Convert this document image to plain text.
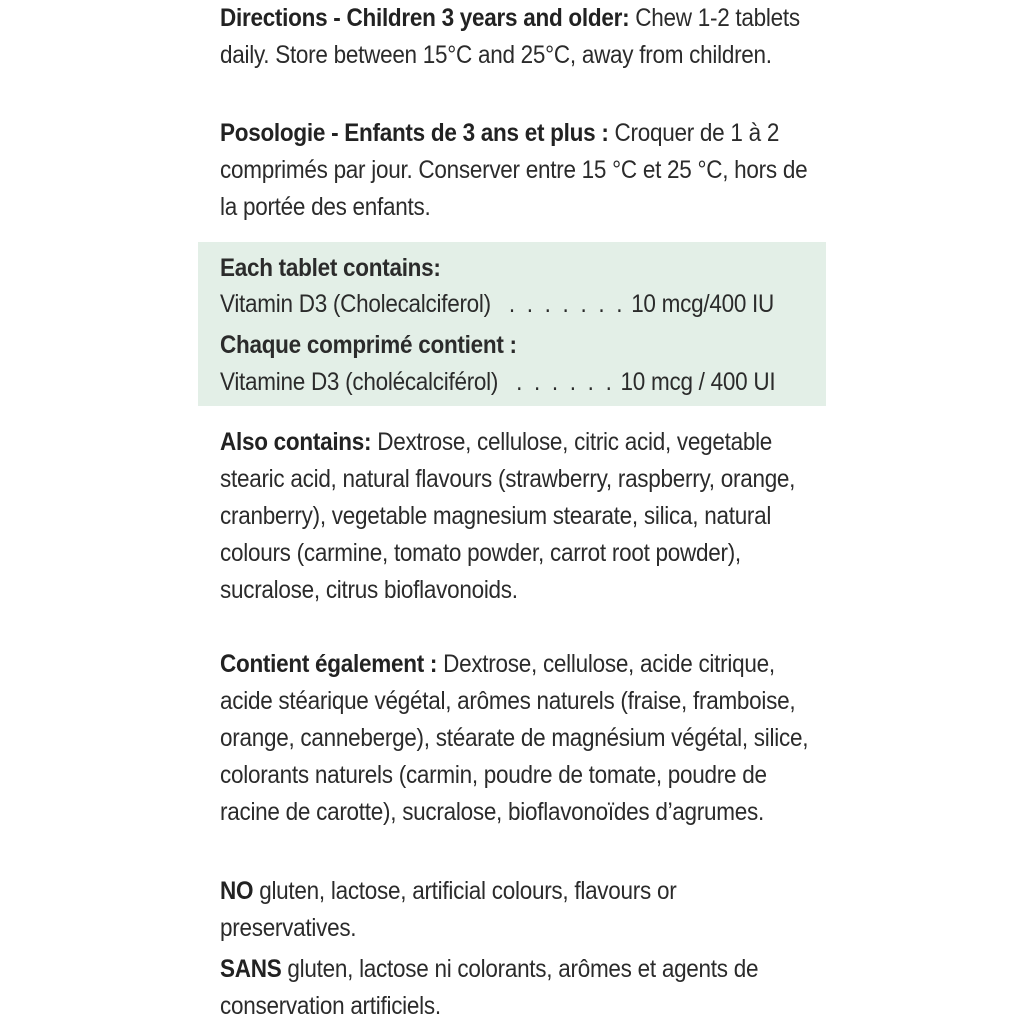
Directions - Children 3 years and older: Chew 1-2 tablets daily. Store between 15°C and 25°C, away from children.

Posologie - Enfants de 3 ans et plus : Croquer de 1 à 2 comprimés par jour. Conserver entre 15 °C et 25 °C, hors de la portée des enfants.

Each tablet contains:
Vitamin D3 (Cholecalciferol) . . . . . . . 10 mcg/400 IU
Chaque comprimé contient :
Vitamine D3 (cholécalciférol) . . . . . . 10 mcg / 400 UI

Also contains: Dextrose, cellulose, citric acid, vegetable stearic acid, natural flavours (strawberry, raspberry, orange, cranberry), vegetable magnesium stearate, silica, natural colours (carmine, tomato powder, carrot root powder), sucralose, citrus bioflavonoids.

Contient également : Dextrose, cellulose, acide citrique, acide stéarique végétal, arômes naturels (fraise, framboise, orange, canneberge), stéarate de magnésium végétal, silice, colorants naturels (carmin, poudre de tomate, poudre de racine de carotte), sucralose, bioflavonoïdes d’agrumes.

NO gluten, lactose, artificial colours, flavours or preservatives.

SANS gluten, lactose ni colorants, arômes et agents de conservation artificiels.
